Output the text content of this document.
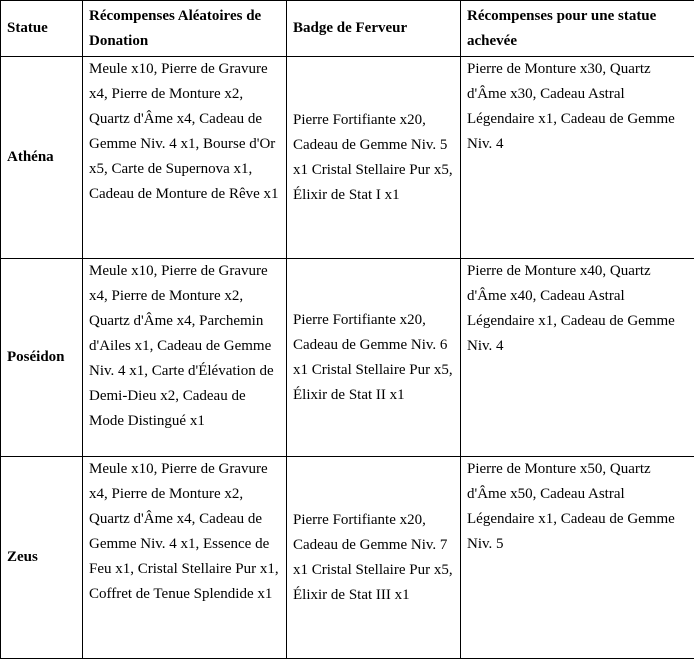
Statue	Récompenses Aléatoires de Donation	Badge de Ferveur	Récompenses pour une statue achevée
Athéna	Meule x10, Pierre de Gravure x4, Pierre de Monture x2, Quartz d'Âme x4, Cadeau de Gemme Niv. 4 x1, Bourse d'Or x5, Carte de Supernova x1, Cadeau de Monture de Rêve x1	Pierre Fortifiante x20, Cadeau de Gemme Niv. 5 x1 Cristal Stellaire Pur x5, Élixir de Stat I x1	Pierre de Monture x30, Quartz d'Âme x30, Cadeau Astral Légendaire x1, Cadeau de Gemme Niv. 4
Poséidon	Meule x10, Pierre de Gravure x4, Pierre de Monture x2, Quartz d'Âme x4, Parchemin d'Ailes x1, Cadeau de Gemme Niv. 4 x1, Carte d'Élévation de Demi-Dieu x2, Cadeau de Mode Distingué x1	Pierre Fortifiante x20, Cadeau de Gemme Niv. 6 x1 Cristal Stellaire Pur x5, Élixir de Stat II x1	Pierre de Monture x40, Quartz d'Âme x40, Cadeau Astral Légendaire x1, Cadeau de Gemme Niv. 4
Zeus	Meule x10, Pierre de Gravure x4, Pierre de Monture x2, Quartz d'Âme x4, Cadeau de Gemme Niv. 4 x1, Essence de Feu x1, Cristal Stellaire Pur x1, Coffret de Tenue Splendide x1	Pierre Fortifiante x20, Cadeau de Gemme Niv. 7 x1 Cristal Stellaire Pur x5, Élixir de Stat III x1	Pierre de Monture x50, Quartz d'Âme x50, Cadeau Astral Légendaire x1, Cadeau de Gemme Niv. 5
